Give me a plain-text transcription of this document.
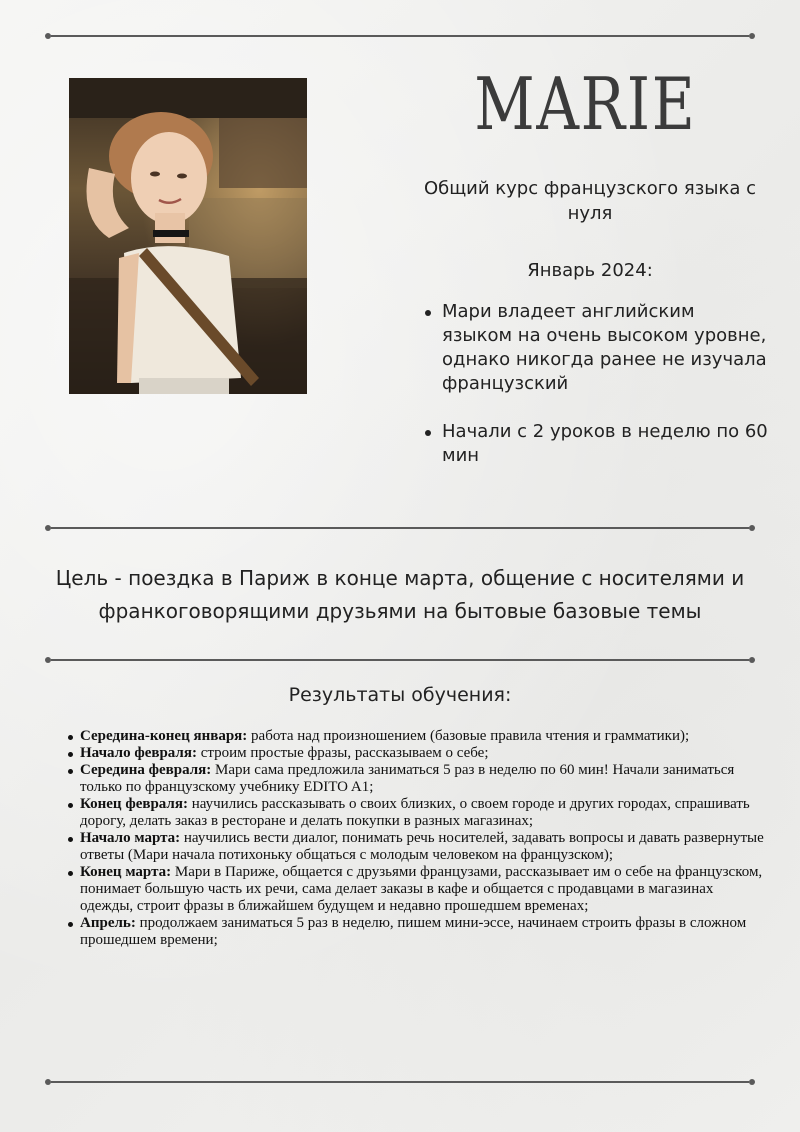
MARIE
Общий курс французского языка с нуля
Январь 2024:
Мари владеет английским языком на очень высоком уровне, однако никогда ранее не изучала французский
Начали с 2 уроков в неделю по 60 мин
Цель - поездка в Париж в конце марта, общение с носителями и франкоговорящими друзьями на бытовые базовые темы
Результаты обучения:
Середина-конец января: работа над произношением (базовые правила чтения и грамматики);
Начало февраля: строим простые фразы, рассказываем о себе;
Середина февраля: Мари сама предложила заниматься 5 раз в неделю по 60 мин! Начали заниматься только по французскому учебнику EDITO A1;
Конец февраля: научились рассказывать о своих близких, о своем городе и других городах, спрашивать дорогу, делать заказ в ресторане и делать покупки в разных магазинах;
Начало марта: научились вести диалог, понимать речь носителей, задавать вопросы и давать развернутые ответы (Мари начала потихоньку общаться с молодым человеком на французском);
Конец марта: Мари в Париже, общается с друзьями французами, рассказывает им о себе на французском, понимает большую часть их речи, сама делает заказы в кафе и общается с продавцами в магазинах одежды, строит фразы в ближайшем будущем и недавно прошедшем временах;
Апрель: продолжаем заниматься 5 раз в неделю, пишем мини-эссе, начинаем строить фразы в сложном прошедшем времени;
